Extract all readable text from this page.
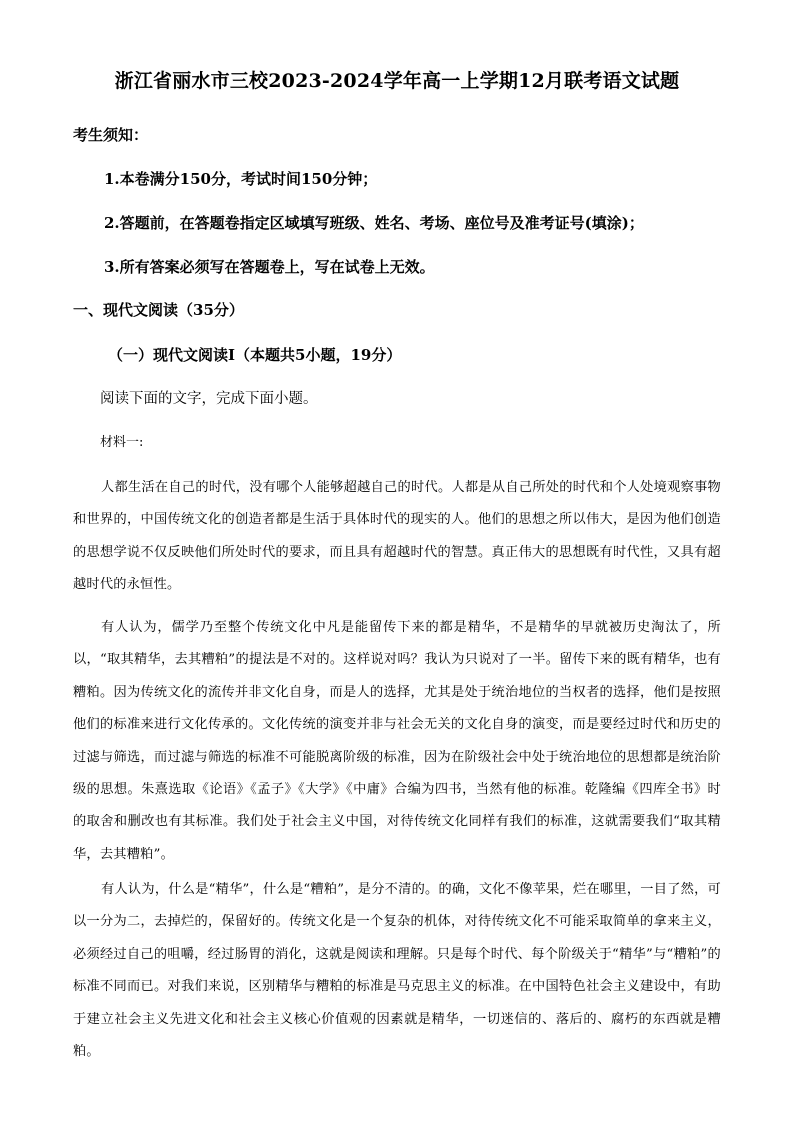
浙江省丽水市三校2023-2024学年高一上学期12月联考语文试题
考生须知：
1.本卷满分150分，考试时间150分钟；
2.答题前，在答题卷指定区域填写班级、姓名、考场、座位号及准考证号(填涂)；
3.所有答案必须写在答题卷上，写在试卷上无效。
一、现代文阅读（35分）
（一）现代文阅读Ⅰ（本题共5小题，19分）
阅读下面的文字，完成下面小题。
材料一:
人都生活在自己的时代，没有哪个人能够超越自己的时代。人都是从自己所处的时代和个人处境观察事物和世界的，中国传统文化的创造者都是生活于具体时代的现实的人。他们的思想之所以伟大，是因为他们创造的思想学说不仅反映他们所处时代的要求，而且具有超越时代的智慧。真正伟大的思想既有时代性，又具有超越时代的永恒性。
有人认为，儒学乃至整个传统文化中凡是能留传下来的都是精华，不是精华的早就被历史淘汰了，所以，“取其精华，去其糟粕”的提法是不对的。这样说对吗？我认为只说对了一半。留传下来的既有精华，也有糟粕。因为传统文化的流传并非文化自身，而是人的选择，尤其是处于统治地位的当权者的选择，他们是按照他们的标准来进行文化传承的。文化传统的演变并非与社会无关的文化自身的演变，而是要经过时代和历史的过滤与筛选，而过滤与筛选的标准不可能脱离阶级的标准，因为在阶级社会中处于统治地位的思想都是统治阶级的思想。朱熹选取《论语》《孟子》《大学》《中庸》合编为四书，当然有他的标准。乾隆编《四库全书》时的取舍和删改也有其标准。我们处于社会主义中国，对待传统文化同样有我们的标准，这就需要我们“取其精华，去其糟粕”。
有人认为，什么是“精华”，什么是“糟粕”，是分不清的。的确，文化不像苹果，烂在哪里，一目了然，可以一分为二，去掉烂的，保留好的。传统文化是一个复杂的机体，对待传统文化不可能采取简单的拿来主义，必须经过自己的咀嚼，经过肠胃的消化，这就是阅读和理解。只是每个时代、每个阶级关于“精华”与“糟粕”的标准不同而已。对我们来说，区别精华与糟粕的标准是马克思主义的标准。在中国特色社会主义建设中，有助于建立社会主义先进文化和社会主义核心价值观的因素就是精华，一切迷信的、落后的、腐朽的东西就是糟粕。
